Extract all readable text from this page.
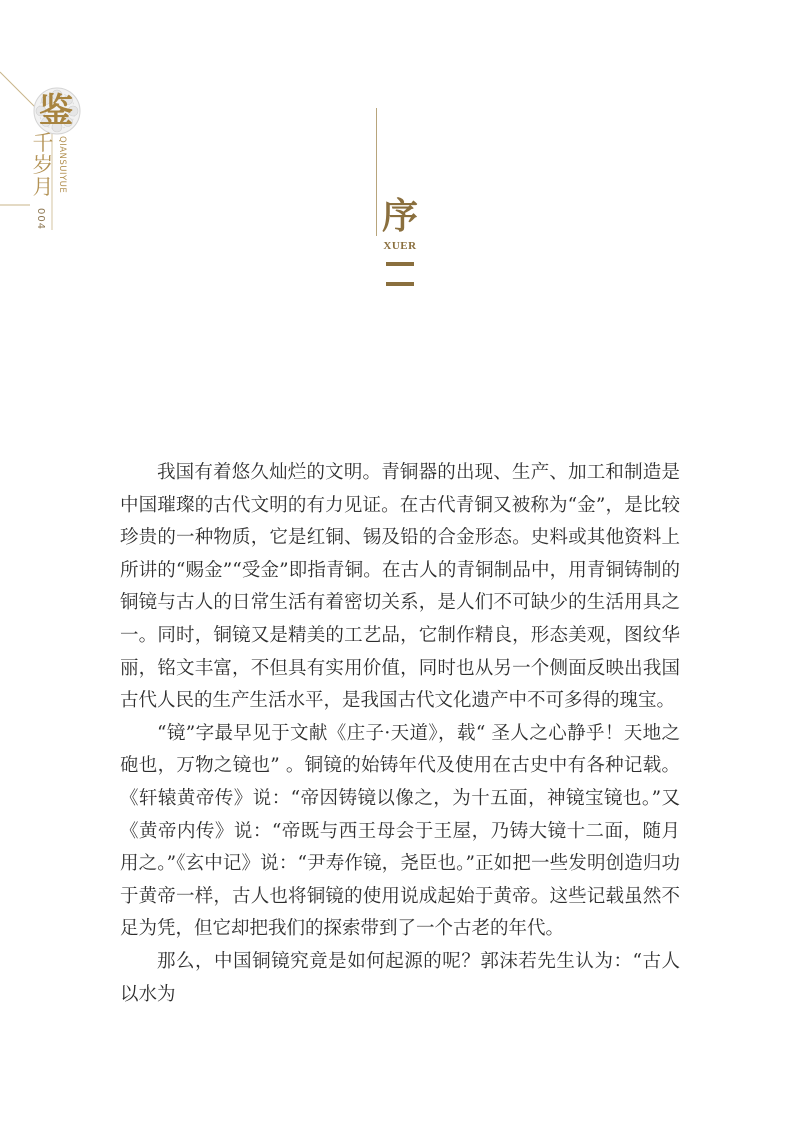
鉴
千岁月 QIANSUIYUE
004	序
XUER

我国有着悠久灿烂的文明。青铜器的出现、生产、加工和制造是中国璀璨的古代文明的有力见证。在古代青铜又被称为“金”，是比较珍贵的一种物质，它是红铜、锡及铅的合金形态。史料或其他资料上所讲的“赐金”“受金”即指青铜。在古人的青铜制品中，用青铜铸制的铜镜与古人的日常生活有着密切关系，是人们不可缺少的生活用具之一。同时，铜镜又是精美的工艺品，它制作精良，形态美观，图纹华丽，铭文丰富，不但具有实用价值，同时也从另一个侧面反映出我国古代人民的生产生活水平，是我国古代文化遗产中不可多得的瑰宝。

“镜”字最早见于文献《庄子·天道》，载“ 圣人之心静乎！天地之砲也，万物之镜也” 。铜镜的始铸年代及使用在古史中有各种记载。《轩辕黄帝传》说：“帝因铸镜以像之，为十五面，神镜宝镜也。”又《黄帝内传》说：“帝既与西王母会于王屋，乃铸大镜十二面，随月用之。”《玄中记》说：“尹寿作镜，尧臣也。”正如把一些发明创造归功于黄帝一样，古人也将铜镜的使用说成起始于黄帝。这些记载虽然不足为凭，但它却把我们的探索带到了一个古老的年代。

那么，中国铜镜究竟是如何起源的呢？郭沫若先生认为：“古人以水为
